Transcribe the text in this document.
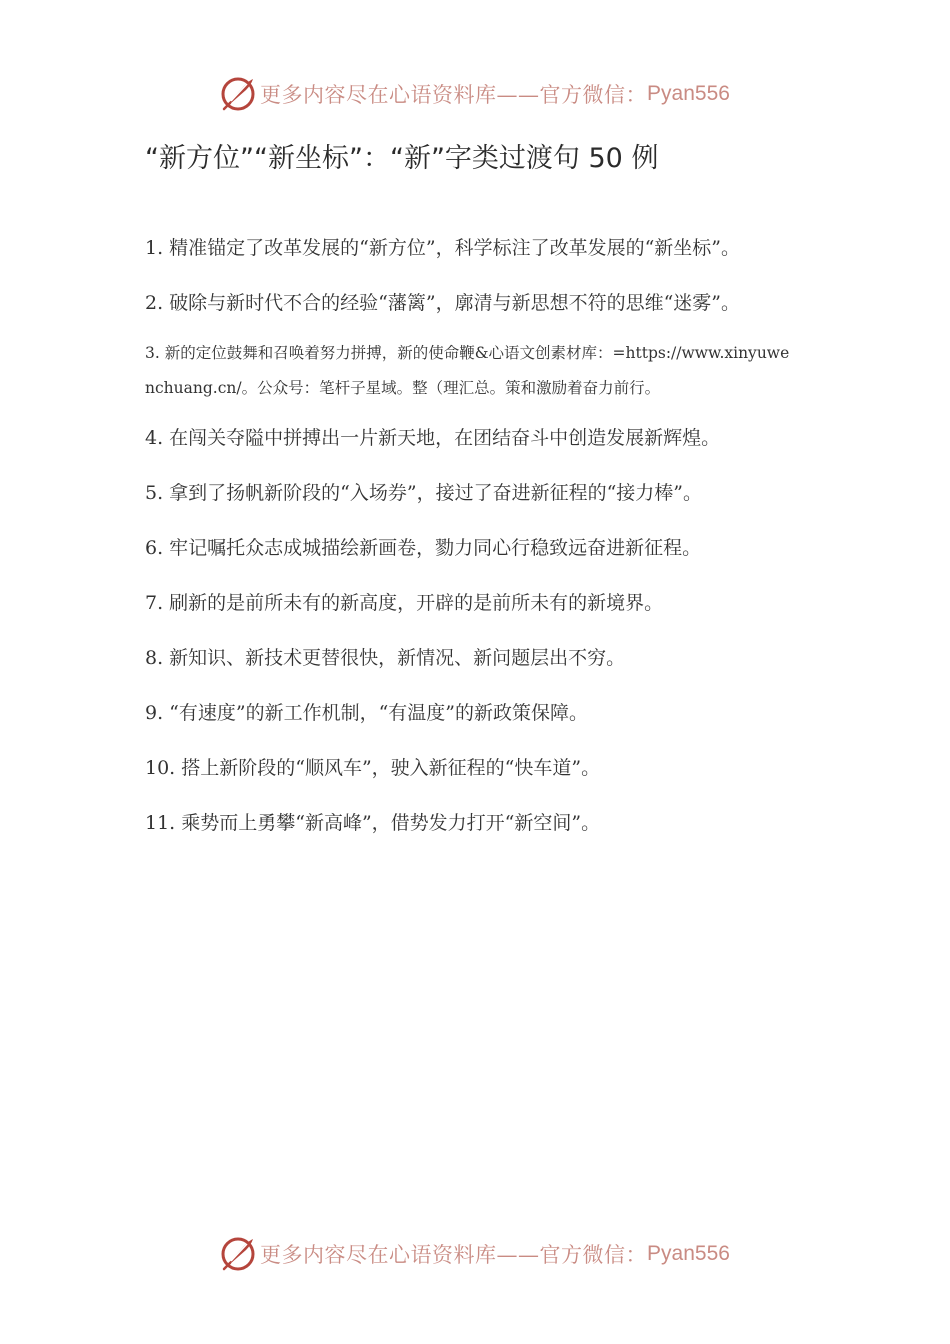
更多内容尽在心语资料库——官方微信： Pyan556
“新方位”“新坐标”：“新”字类过渡句 50 例

1. 精准锚定了改革发展的“新方位”，科学标注了改革发展的“新坐标”。

2. 破除与新时代不合的经验“藩篱”，廓清与新思想不符的思维“迷雾”。

3. 新的定位鼓舞和召唤着努力拼搏，新的使命鞭&心语文创素材库：=https://www.xinyuwenchuang.cn/。公众号：笔杆子星域。整（理汇总。策和激励着奋力前行。

4. 在闯关夺隘中拼搏出一片新天地，在团结奋斗中创造发展新辉煌。

5. 拿到了扬帆新阶段的“入场券”，接过了奋进新征程的“接力棒”。

6. 牢记嘱托众志成城描绘新画卷，勠力同心行稳致远奋进新征程。

7. 刷新的是前所未有的新高度，开辟的是前所未有的新境界。

8. 新知识、新技术更替很快，新情况、新问题层出不穷。

9. “有速度”的新工作机制，“有温度”的新政策保障。

10. 搭上新阶段的“顺风车”，驶入新征程的“快车道”。

11. 乘势而上勇攀“新高峰”，借势发力打开“新空间”。

更多内容尽在心语资料库——官方微信： Pyan556
